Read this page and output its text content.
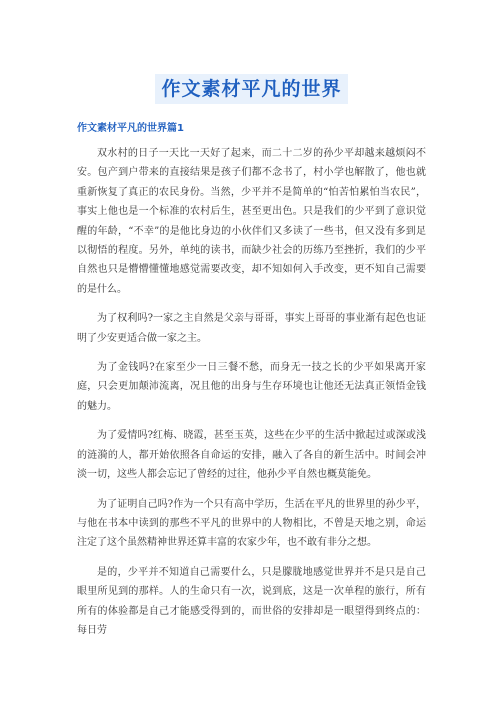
作文素材平凡的世界
作文素材平凡的世界篇1

双水村的日子一天比一天好了起来，而二十二岁的孙少平却越来越烦闷不安。包产到户带来的直接结果是孩子们都不念书了，村小学也解散了，他也就重新恢复了真正的农民身份。当然，少平并不是简单的“怕苦怕累怕当农民”，事实上他也是一个标准的农村后生，甚至更出色。只是我们的少平到了意识觉醒的年龄，“不幸”的是他比身边的小伙伴们又多读了一些书，但又没有多到足以彻悟的程度。另外，单纯的读书，而缺少社会的历练乃至挫折，我们的少平自然也只是懵懵懂懂地感觉需要改变，却不知如何入手改变，更不知自己需要的是什么。

为了权利吗?一家之主自然是父亲与哥哥，事实上哥哥的事业渐有起色也证明了少安更适合做一家之主。

为了金钱吗?在家至少一日三餐不愁，而身无一技之长的少平如果离开家庭，只会更加颠沛流离，况且他的出身与生存环境也让他还无法真正领悟金钱的魅力。

为了爱情吗?红梅、晓霞，甚至玉英，这些在少平的生活中掀起过或深或浅的涟漪的人，都开始依照各自命运的安排，融入了各自的新生活中。时间会冲淡一切，这些人都会忘记了曾经的过往，他孙少平自然也概莫能免。

为了证明自己吗?作为一个只有高中学历，生活在平凡的世界里的孙少平，与他在书本中读到的那些不平凡的世界中的人物相比，不曾是天地之别，命运注定了这个虽然精神世界还算丰富的农家少年，也不敢有非分之想。

是的，少平并不知道自己需要什么，只是朦胧地感觉世界并不是只是自己眼里所见到的那样。人的生命只有一次，说到底，这是一次单程的旅行，所有所有的体验都是自己才能感受得到的，而世俗的安排却是一眼望得到终点的：每日劳
